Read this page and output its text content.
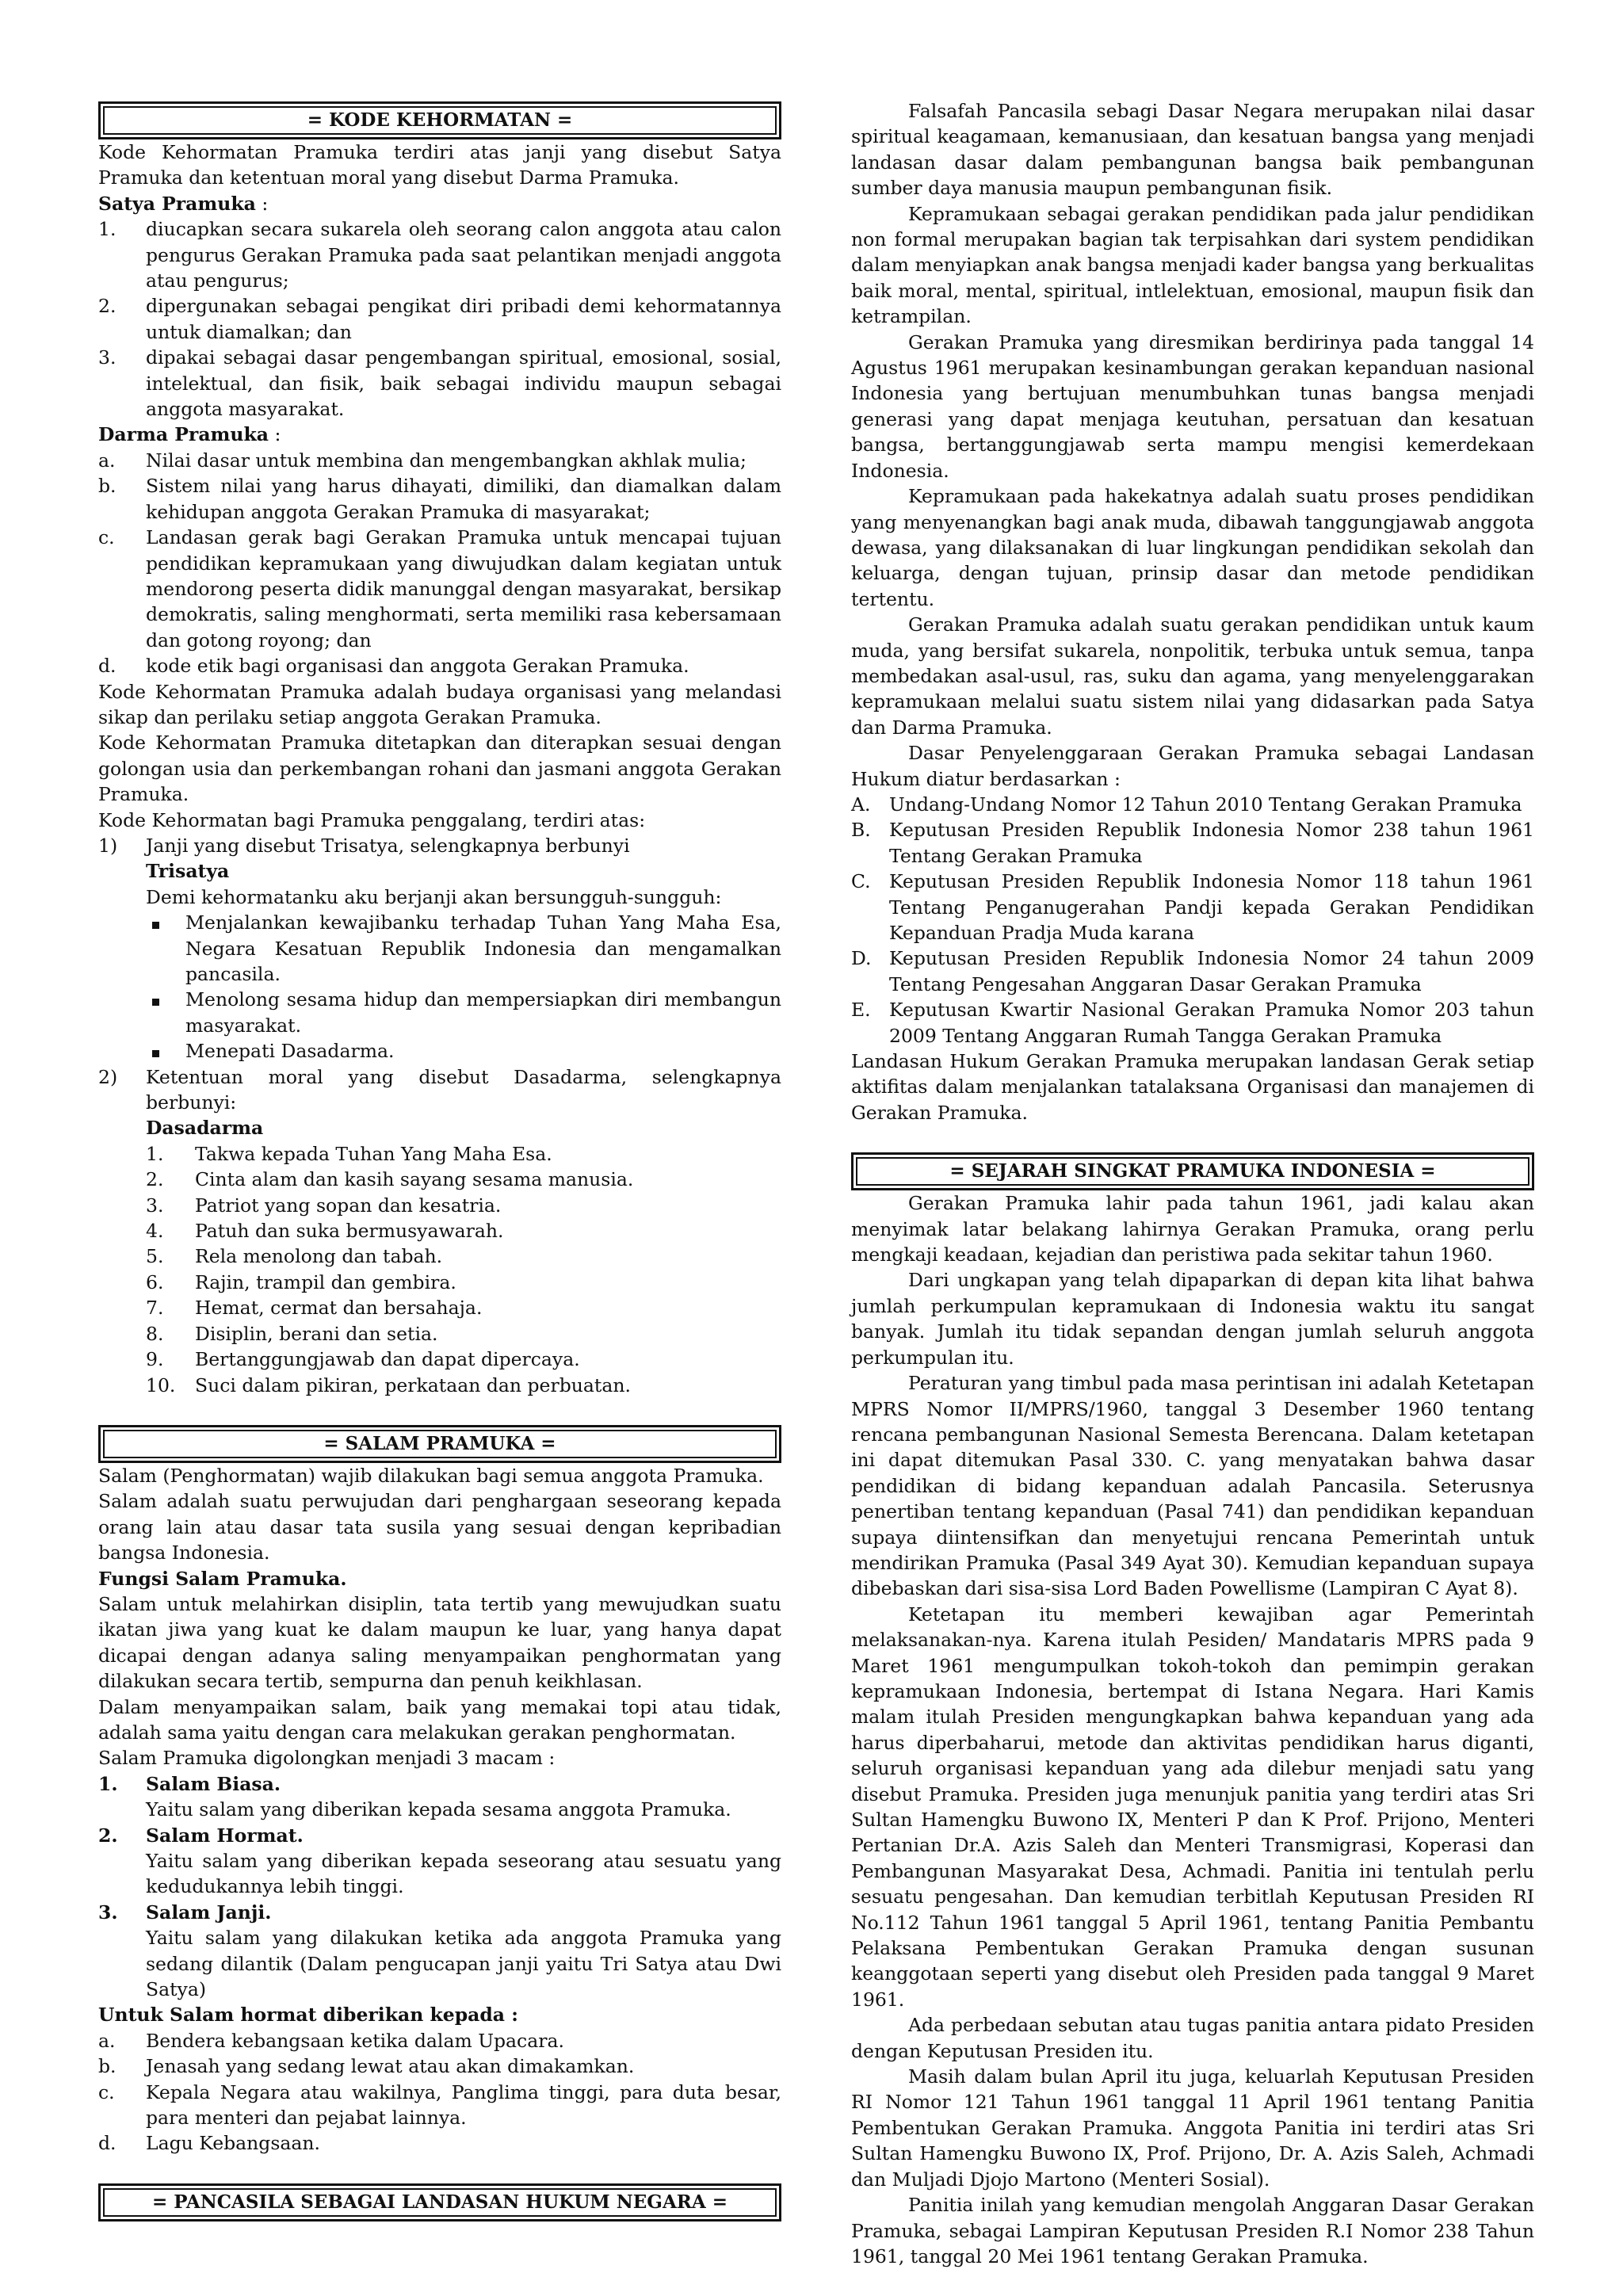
= KODE KEHORMATAN =

Kode Kehormatan Pramuka terdiri atas janji yang disebut Satya Pramuka dan ketentuan moral yang disebut Darma Pramuka.

Satya Pramuka :

1.	diucapkan secara sukarela oleh seorang calon anggota atau calon pengurus Gerakan Pramuka pada saat pelantikan menjadi anggota atau pengurus;
2.	dipergunakan sebagai pengikat diri pribadi demi kehormatannya untuk diamalkan; dan
3.	dipakai sebagai dasar pengembangan spiritual, emosional, sosial, intelektual, dan fisik, baik sebagai individu maupun sebagai anggota masyarakat.

Darma Pramuka :

a.	Nilai dasar untuk membina dan mengembangkan akhlak mulia;
b.	Sistem nilai yang harus dihayati, dimiliki, dan diamalkan dalam kehidupan anggota Gerakan Pramuka di masyarakat;
c.	Landasan gerak bagi Gerakan Pramuka untuk mencapai tujuan pendidikan kepramukaan yang diwujudkan dalam kegiatan untuk mendorong peserta didik manunggal dengan masyarakat, bersikap demokratis, saling menghormati, serta memiliki rasa kebersamaan dan gotong royong; dan
d.	kode etik bagi organisasi dan anggota Gerakan Pramuka.

Kode Kehormatan Pramuka adalah budaya organisasi yang melandasi sikap dan perilaku setiap anggota Gerakan Pramuka.

Kode Kehormatan Pramuka ditetapkan dan diterapkan sesuai dengan golongan usia dan perkembangan rohani dan jasmani anggota Gerakan Pramuka.

Kode Kehormatan bagi Pramuka penggalang, terdiri atas:

1)	Janji yang disebut Trisatya, selengkapnya berbunyi

Trisatya

Demi kehormatanku aku berjanji akan bersungguh-sungguh:

Menjalankan kewajibanku terhadap Tuhan Yang Maha Esa, Negara Kesatuan Republik Indonesia dan mengamalkan pancasila.
Menolong sesama hidup dan mempersiapkan diri membangun masyarakat.
Menepati Dasadarma.
2)	Ketentuan moral yang disebut Dasadarma, selengkapnya berbunyi:

Dasadarma

1.	Takwa kepada Tuhan Yang Maha Esa.
2.	Cinta alam dan kasih sayang sesama manusia.
3.	Patriot yang sopan dan kesatria.
4.	Patuh dan suka bermusyawarah.
5.	Rela menolong dan tabah.
6.	Rajin, trampil dan gembira.
7.	Hemat, cermat dan bersahaja.
8.	Disiplin, berani dan setia.
9.	Bertanggungjawab dan dapat dipercaya.
10.	Suci dalam pikiran, perkataan dan perbuatan.
= SALAM PRAMUKA =

Salam (Penghormatan) wajib dilakukan bagi semua anggota Pramuka.

Salam adalah suatu perwujudan dari penghargaan seseorang kepada orang lain atau dasar tata susila yang sesuai dengan kepribadian bangsa Indonesia.

Fungsi Salam Pramuka.

Salam untuk melahirkan disiplin, tata tertib yang mewujudkan suatu ikatan jiwa yang kuat ke dalam maupun ke luar, yang hanya dapat dicapai dengan adanya saling menyampaikan penghormatan yang dilakukan secara tertib, sempurna dan penuh keikhlasan.

Dalam menyampaikan salam, baik yang memakai topi atau tidak, adalah sama yaitu dengan cara melakukan gerakan penghormatan.

Salam Pramuka digolongkan menjadi 3 macam :

1.	Salam Biasa.
Yaitu salam yang diberikan kepada sesama anggota Pramuka.
2.	Salam Hormat.
Yaitu salam yang diberikan kepada seseorang atau sesuatu yang kedudukannya lebih tinggi.
3.	Salam Janji.
Yaitu salam yang dilakukan ketika ada anggota Pramuka yang sedang dilantik (Dalam pengucapan janji yaitu Tri Satya atau Dwi Satya)

Untuk Salam hormat diberikan kepada :

a.	Bendera kebangsaan ketika dalam Upacara.
b.	Jenasah yang sedang lewat atau akan dimakamkan.
c.	Kepala Negara atau wakilnya, Panglima tinggi, para duta besar, para menteri dan pejabat lainnya.
d.	Lagu Kebangsaan.
= PANCASILA SEBAGAI LANDASAN HUKUM NEGARA =

Falsafah Pancasila sebagi Dasar Negara merupakan nilai dasar spiritual keagamaan, kemanusiaan, dan kesatuan bangsa yang menjadi landasan dasar dalam pembangunan bangsa baik pembangunan sumber daya manusia maupun pembangunan fisik.

Kepramukaan sebagai gerakan pendidikan pada jalur pendidikan non formal merupakan bagian tak terpisahkan dari system pendidikan dalam menyiapkan anak bangsa menjadi kader bangsa yang berkualitas baik moral, mental, spiritual, intlelektuan, emosional, maupun fisik dan ketrampilan.

Gerakan Pramuka yang diresmikan berdirinya pada tanggal 14 Agustus 1961 merupakan kesinambungan gerakan kepanduan nasional Indonesia yang bertujuan menumbuhkan tunas bangsa menjadi generasi yang dapat menjaga keutuhan, persatuan dan kesatuan bangsa, bertanggungjawab serta mampu mengisi kemerdekaan Indonesia.

Kepramukaan pada hakekatnya adalah suatu proses pendidikan yang menyenangkan bagi anak muda, dibawah tanggungjawab anggota dewasa, yang dilaksanakan di luar lingkungan pendidikan sekolah dan keluarga, dengan tujuan, prinsip dasar dan metode pendidikan tertentu.

Gerakan Pramuka adalah suatu gerakan pendidikan untuk kaum muda, yang bersifat sukarela, nonpolitik, terbuka untuk semua, tanpa membedakan asal-usul, ras, suku dan agama, yang menyelenggarakan kepramukaan melalui suatu sistem nilai yang didasarkan pada Satya dan Darma Pramuka.

Dasar Penyelenggaraan Gerakan Pramuka sebagai Landasan Hukum diatur berdasarkan :

A.	Undang-Undang Nomor 12 Tahun 2010 Tentang Gerakan Pramuka
B. Keputusan Presiden Republik Indonesia Nomor 238 tahun 1961 Tentang Gerakan Pramuka
C. Keputusan Presiden Republik Indonesia Nomor 118 tahun 1961 Tentang Penganugerahan Pandji kepada Gerakan Pendidikan Kepanduan Pradja Muda karana
D. Keputusan Presiden Republik Indonesia Nomor 24 tahun 2009 Tentang Pengesahan Anggaran Dasar Gerakan Pramuka
E. Keputusan Kwartir Nasional Gerakan Pramuka Nomor 203 tahun 2009 Tentang Anggaran Rumah Tangga Gerakan Pramuka

Landasan Hukum Gerakan Pramuka merupakan landasan Gerak setiap aktifitas dalam menjalankan tatalaksana Organisasi dan manajemen di Gerakan Pramuka.

= SEJARAH SINGKAT PRAMUKA INDONESIA =

Gerakan Pramuka lahir pada tahun 1961, jadi kalau akan menyimak latar belakang lahirnya Gerakan Pramuka, orang perlu mengkaji keadaan, kejadian dan peristiwa pada sekitar tahun 1960.

Dari ungkapan yang telah dipaparkan di depan kita lihat bahwa jumlah perkumpulan kepramukaan di Indonesia waktu itu sangat banyak. Jumlah itu tidak sepandan dengan jumlah seluruh anggota perkumpulan itu.

Peraturan yang timbul pada masa perintisan ini adalah Ketetapan MPRS Nomor II/MPRS/1960, tanggal 3 Desember 1960 tentang rencana pembangunan Nasional Semesta Berencana. Dalam ketetapan ini dapat ditemukan Pasal 330. C. yang menyatakan bahwa dasar pendidikan di bidang kepanduan adalah Pancasila. Seterusnya penertiban tentang kepanduan (Pasal 741) dan pendidikan kepanduan supaya diintensifkan dan menyetujui rencana Pemerintah untuk mendirikan Pramuka (Pasal 349 Ayat 30). Kemudian kepanduan supaya dibebaskan dari sisa-sisa Lord Baden Powellisme (Lampiran C Ayat 8).

Ketetapan itu memberi kewajiban agar Pemerintah melaksanakan-nya. Karena itulah Pesiden/ Mandataris MPRS pada 9 Maret 1961 mengumpulkan tokoh-tokoh dan pemimpin gerakan kepramukaan Indonesia, bertempat di Istana Negara. Hari Kamis malam itulah Presiden mengungkapkan bahwa kepanduan yang ada harus diperbaharui, metode dan aktivitas pendidikan harus diganti, seluruh organisasi kepanduan yang ada dilebur menjadi satu yang disebut Pramuka. Presiden juga menunjuk panitia yang terdiri atas Sri Sultan Hamengku Buwono IX, Menteri P dan K Prof. Prijono, Menteri Pertanian Dr.A. Azis Saleh dan Menteri Transmigrasi, Koperasi dan Pembangunan Masyarakat Desa, Achmadi. Panitia ini tentulah perlu sesuatu pengesahan. Dan kemudian terbitlah Keputusan Presiden RI No.112 Tahun 1961 tanggal 5 April 1961, tentang Panitia Pembantu Pelaksana Pembentukan Gerakan Pramuka dengan susunan keanggotaan seperti yang disebut oleh Presiden pada tanggal 9 Maret 1961.

Ada perbedaan sebutan atau tugas panitia antara pidato Presiden dengan Keputusan Presiden itu.

Masih dalam bulan April itu juga, keluarlah Keputusan Presiden RI Nomor 121 Tahun 1961 tanggal 11 April 1961 tentang Panitia Pembentukan Gerakan Pramuka. Anggota Panitia ini terdiri atas Sri Sultan Hamengku Buwono IX, Prof. Prijono, Dr. A. Azis Saleh, Achmadi dan Muljadi Djojo Martono (Menteri Sosial).

Panitia inilah yang kemudian mengolah Anggaran Dasar Gerakan Pramuka, sebagai Lampiran Keputusan Presiden R.I Nomor 238 Tahun 1961, tanggal 20 Mei 1961 tentang Gerakan Pramuka.
